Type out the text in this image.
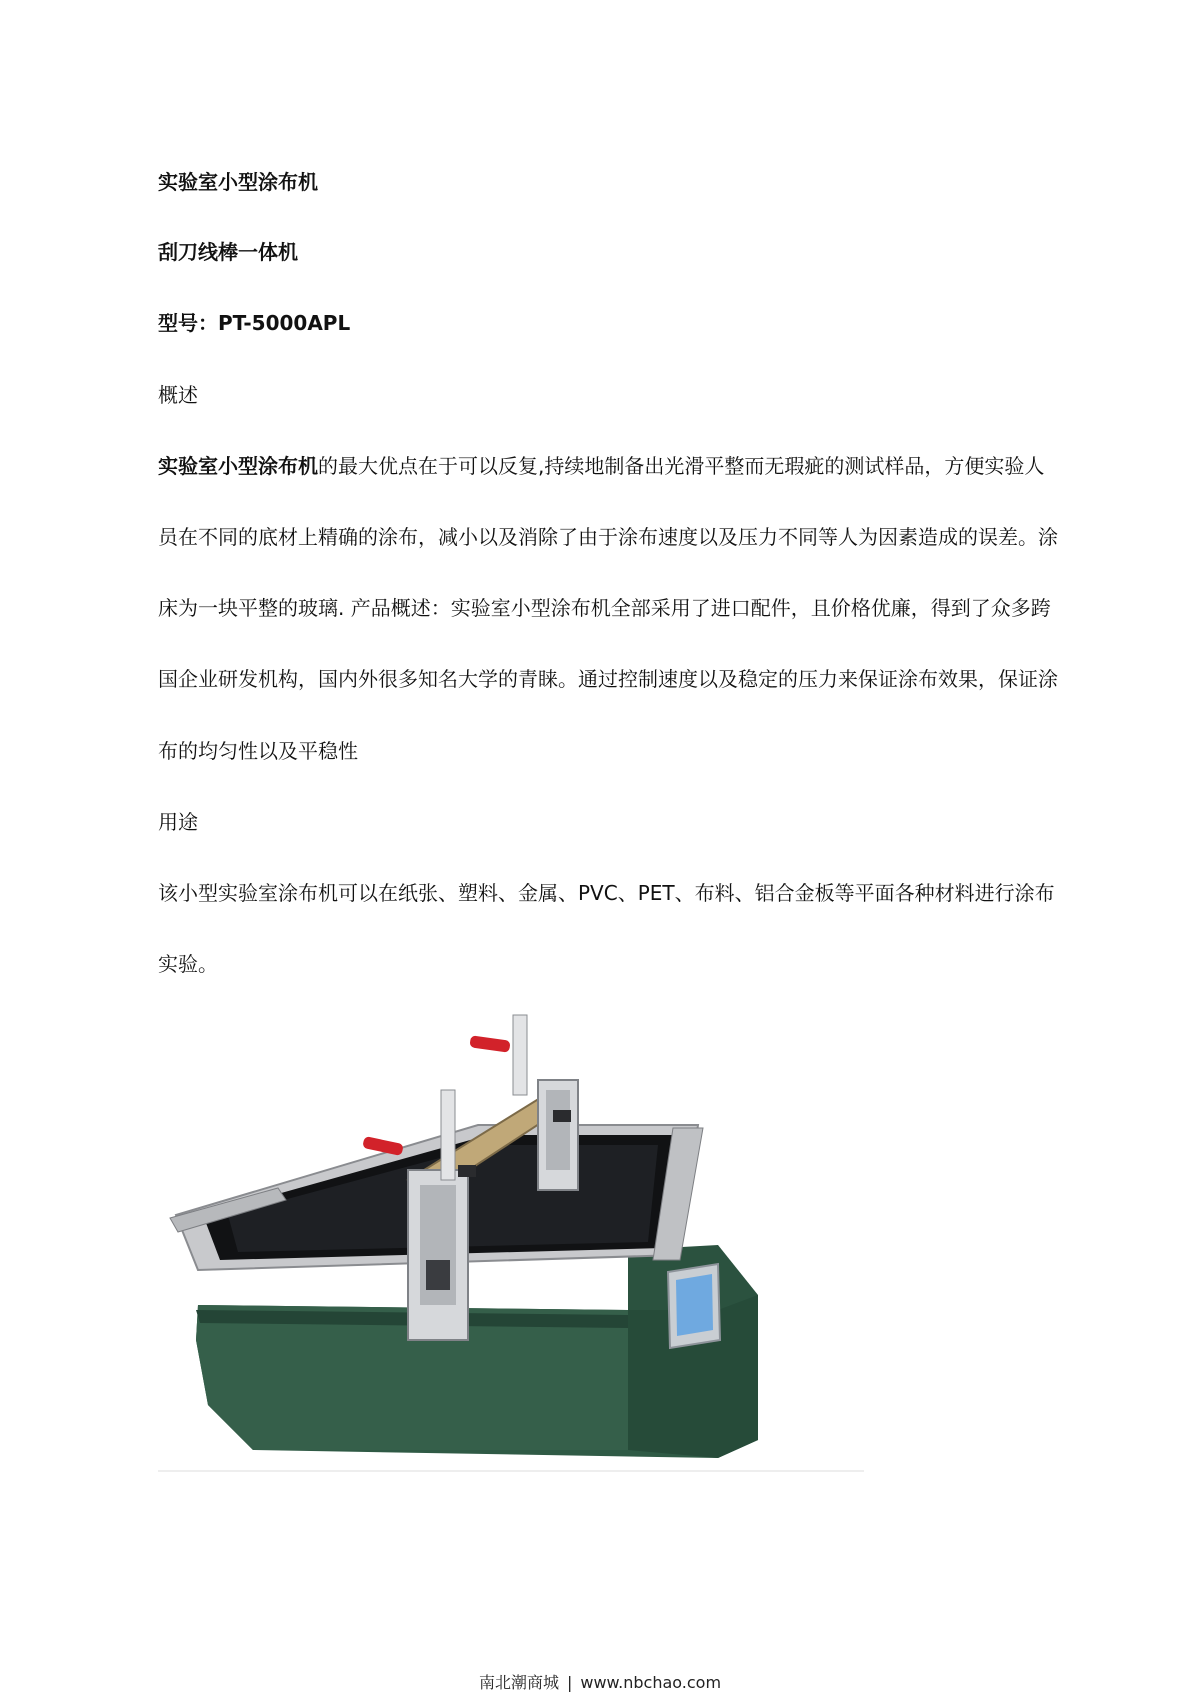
实验室小型涂布机
刮刀线棒一体机
型号：PT-5000APL
概述
实验室小型涂布机的最大优点在于可以反复,持续地制备出光滑平整而无瑕疵的测试样品，方便实验人
员在不同的底材上精确的涂布，减小以及消除了由于涂布速度以及压力不同等人为因素造成的误差。涂
床为一块平整的玻璃. 产品概述：实验室小型涂布机全部采用了进口配件，且价格优廉，得到了众多跨
国企业研发机构，国内外很多知名大学的青睐。通过控制速度以及稳定的压力来保证涂布效果，保证涂
布的均匀性以及平稳性
用途
该小型实验室涂布机可以在纸张、塑料、金属、PVC、PET、布料、铝合金板等平面各种材料进行涂布
实验。
南北潮商城 | www.nbchao.com
